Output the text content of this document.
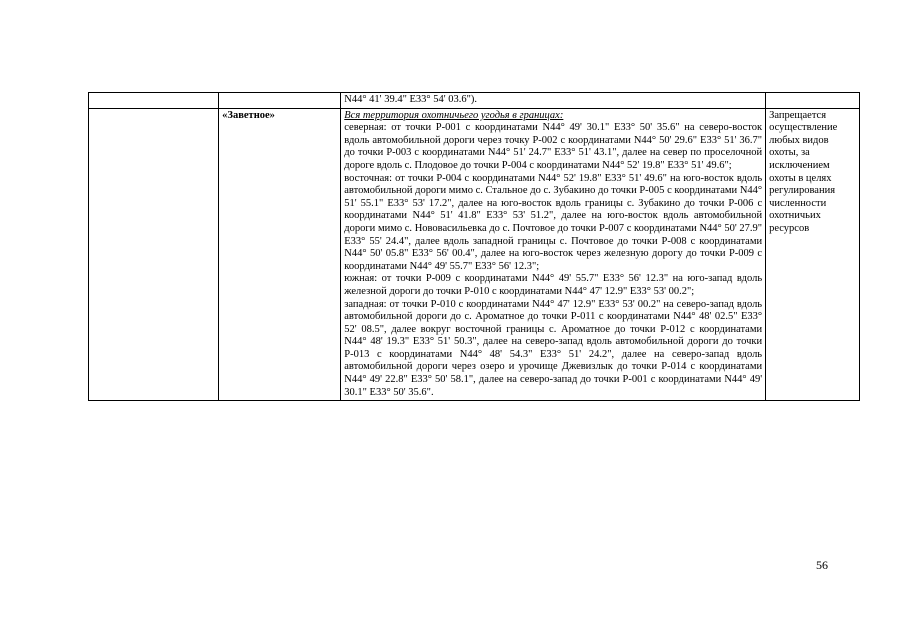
		N44° 41' 39.4" E33° 54' 03.6").	
	«Заветное»	Вся территория охотничьего угодья в границах:
северная: от точки Р-001 с координатами N44° 49' 30.1" E33° 50' 35.6" на северо-восток вдоль автомобильной дороги через точку Р-002 с координатами N44° 50' 29.6" E33° 51' 36.7" до точки Р-003 с координатами N44° 51' 24.7" E33° 51' 43.1", далее на север по проселочной дороге вдоль с. Плодовое до точки Р-004 с координатами N44° 52' 19.8" E33° 51' 49.6";
восточная: от точки Р-004 с координатами N44° 52' 19.8" E33° 51' 49.6" на юго-восток вдоль автомобильной дороги мимо с. Стальное до с. Зубакино до точки Р-005 с координатами N44° 51' 55.1" E33° 53' 17.2", далее на юго-восток вдоль границы с. Зубакино до точки Р-006 с координатами N44° 51' 41.8" E33° 53' 51.2", далее на юго-восток вдоль автомобильной дороги мимо с. Нововасильевка до с. Почтовое до точки Р-007 с координатами N44° 50' 27.9" E33° 55' 24.4", далее вдоль западной границы с. Почтовое до точки Р-008 с координатами N44° 50' 05.8" E33° 56' 00.4", далее на юго-восток через железную дорогу до точки Р-009 с координатами N44° 49' 55.7" E33° 56' 12.3";
южная: от точки Р-009 с координатами N44° 49' 55.7" E33° 56' 12.3" на юго-запад вдоль железной дороги до точки Р-010 с координатами N44° 47' 12.9" E33° 53' 00.2";
западная: от точки Р-010 с координатами N44° 47' 12.9" E33° 53' 00.2" на северо-запад вдоль автомобильной дороги до с. Ароматное до точки Р-011 с координатами N44° 48' 02.5" E33° 52' 08.5", далее вокруг восточной границы с. Ароматное до точки Р-012 с координатами N44° 48' 19.3" E33° 51' 50.3", далее на северо-запад вдоль автомобильной дороги до точки Р-013 с координатами N44° 48' 54.3" E33° 51' 24.2", далее на северо-запад вдоль автомобильной дороги через озеро и урочище Джевизлык до точки Р-014 с координатами N44° 49' 22.8" E33° 50' 58.1", далее на северо-запад до точки Р-001 с координатами N44° 49' 30.1" E33° 50' 35.6".	Запрещается осуществление любых видов охоты, за исключением охоты в целях регулирования численности охотничьих ресурсов
56
